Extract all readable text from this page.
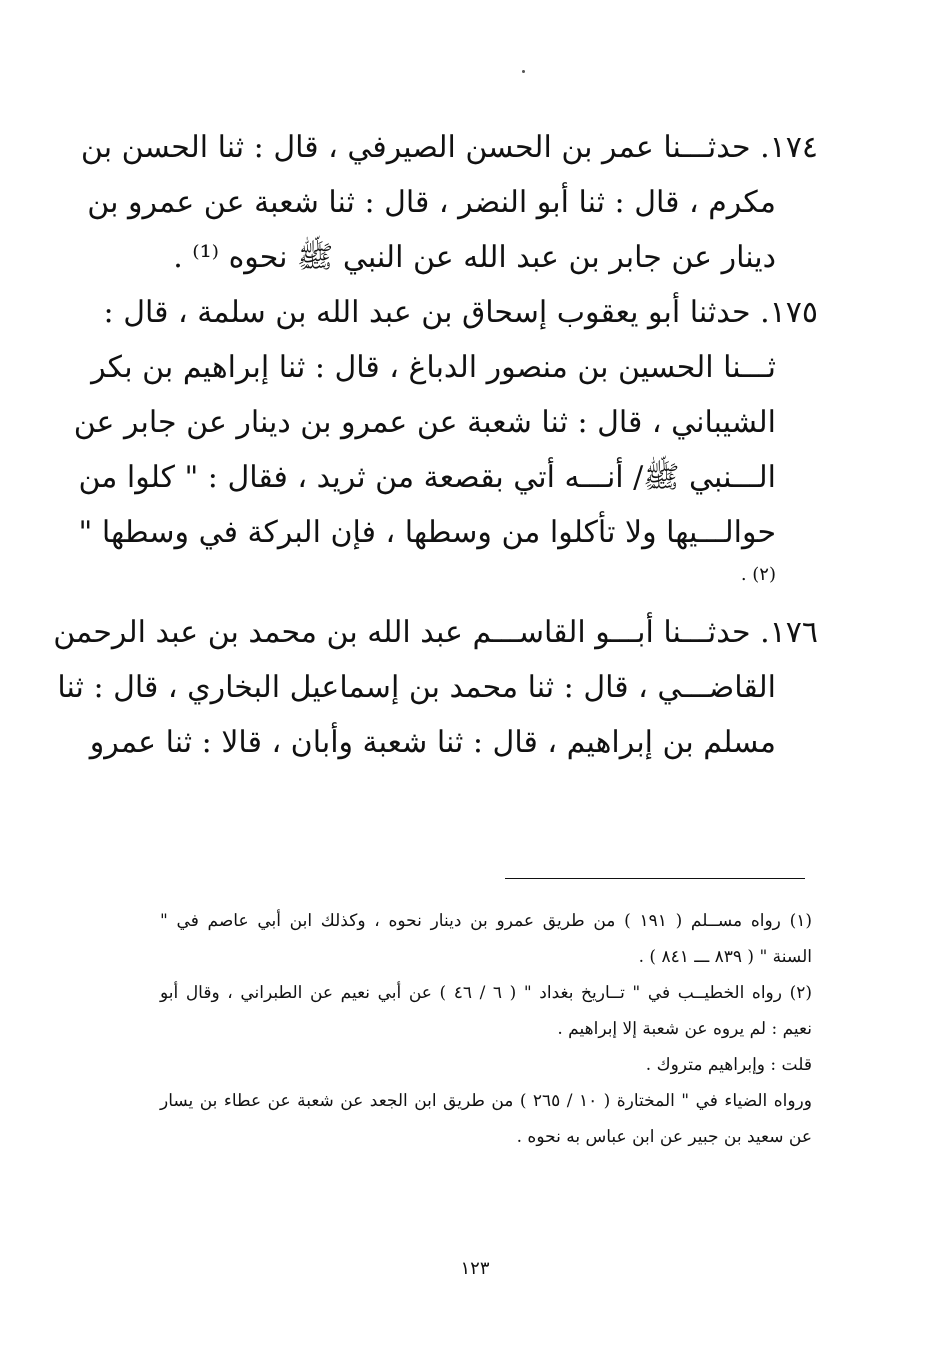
١٧٤. حدثـــنا عمر بن الحسن الصيرفي ، قال : ثنا الحسن بن
مكرم ، قال : ثنا أبو النضر ، قال : ثنا شعبة عن عمرو بن
دينار عن جابر بن عبد الله عن النبي ﷺ نحوه ⁽¹⁾ .
١٧٥. حدثنا أبو يعقوب إسحاق بن عبد الله بن سلمة ، قال :
ثـــنا الحسين بن منصور الدباغ ، قال : ثنا إبراهيم بن بكر
الشيباني ، قال : ثنا شعبة عن عمرو بن دينار عن جابر عن
الـــنبي ﷺ/ أنـــه أتي بقصعة من ثريد ، فقال : " كلوا من
حوالـــيها ولا تأكلوا من وسطها ، فإن البركة في وسطها "
(٢) .
١٧٦. حدثـــنا أبـــو القاســـم عبد الله بن محمد بن عبد الرحمن
القاضـــي ، قال : ثنا محمد بن إسماعيل البخاري ، قال : ثنا
مسلم بن إبراهيم ، قال : ثنا شعبة وأبان ، قالا : ثنا عمرو
(١) رواه مســلم ( ١٩١ ) من طريق عمرو بن دينار نحوه ، وكذلك ابن أبي عاصم في "
السنة " ( ٨٣٩ ـــ ٨٤١ ) .
(٢) رواه الخطيــب في " تــاريخ بغداد " ( ٦ / ٤٦ ) عن أبي نعيم عن الطبراني ، وقال أبو
نعيم : لم يروه عن شعبة إلا إبراهيم .
قلت : وإبراهيم متروك .
ورواه الضياء في " المختارة ( ١٠ / ٢٦٥ ) من طريق ابن الجعد عن شعبة عن عطاء بن يسار
عن سعيد بن جبير عن ابن عباس به نحوه .
١٢٣
